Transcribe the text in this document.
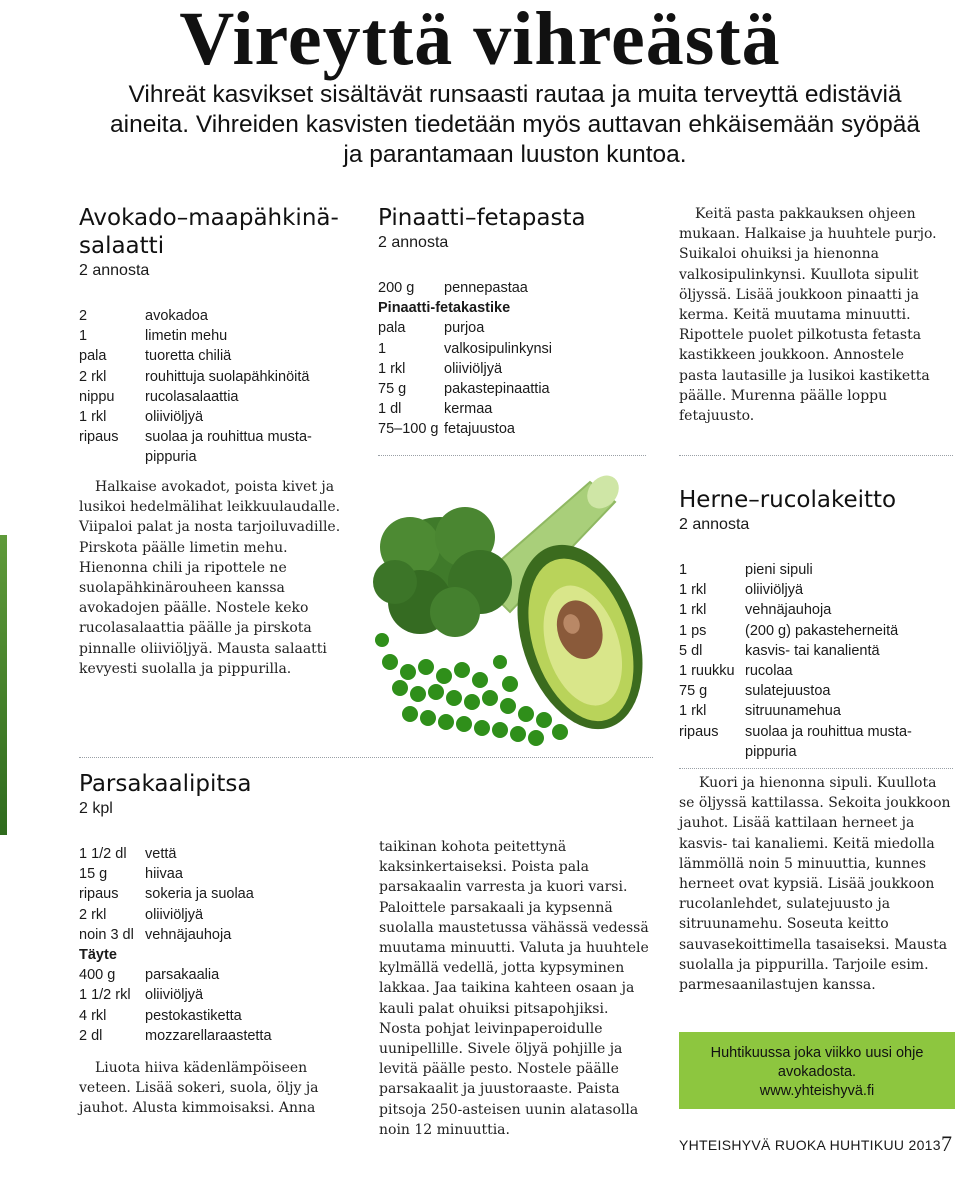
Vireyttä vihreästä
Vihreät kasvikset sisältävät runsaasti rautaa ja muita terveyttä edistäviä aineita. Vihreiden kasvisten tiedetään myös auttavan ehkäisemään syöpää ja parantamaan luuston kuntoa.
Avokado–maapähkinä-
salaatti
2 annosta
2	avokadoa
1	limetin mehu
pala	tuoretta chiliä
2 rkl	rouhittuja suolapähkinöitä
nippu	rucolasalaattia
1 rkl	oliiviöljyä
ripaus	suolaa ja rouhittua musta-
pippuria
Halkaise avokadot, poista kivet ja lusikoi hedelmälihat leikkuulaudalle. Viipaloi palat ja nosta tarjoiluvadille. Pirskota päälle limetin mehu. Hienonna chili ja ripottele ne suolapähkinärouheen kanssa avokadojen päälle. Nostele keko rucolasalaattia päälle ja pirskota pinnalle oliiviöljyä. Mausta salaatti kevyesti suolalla ja pippurilla.
Pinaatti–fetapasta
2 annosta
200 g	pennepastaa
Pinaatti-fetakastike
pala	purjoa
1	valkosipulinkynsi
1 rkl	oliiviöljyä
75 g	pakastepinaattia
1 dl	kermaa
75–100 g fetajuustoa
Keitä pasta pakkauksen ohjeen mukaan. Halkaise ja huuhtele purjo. Suikaloi ohuiksi ja hienonna valkosipulinkynsi. Kuullota sipulit öljyssä. Lisää joukkoon pinaatti ja kerma. Keitä muutama minuutti. Ripottele puolet pilkotusta fetasta kastikkeen joukkoon. Annostele pasta lautasille ja lusikoi kastiketta päälle. Murenna päälle loppu fetajuusto.
Herne–rucolakeitto
2 annosta
1	pieni sipuli
1 rkl	oliiviöljyä
1 rkl	vehnäjauhoja
1 ps	(200 g) pakasteherneitä
5 dl	kasvis- tai kanalientä
1 ruukku rucolaa
75 g	sulatejuustoa
1 rkl	sitruunamehua
ripaus	suolaa ja rouhittua musta-
pippuria
Kuori ja hienonna sipuli. Kuullota se öljyssä kattilassa. Sekoita joukkoon jauhot. Lisää kattilaan herneet ja kasvis- tai kanaliemi. Keitä miedolla lämmöllä noin 5 minuuttia, kunnes herneet ovat kypsiä. Lisää joukkoon rucolanlehdet, sulatejuusto ja sitruunamehu. Soseuta keitto sauvasekoittimella tasaiseksi. Mausta suolalla ja pippurilla. Tarjoile esim. parmesaanilastujen kanssa.
Parsakaalipitsa
2 kpl
1 1/2 dl	vettä
15 g	hiivaa
ripaus	sokeria ja suolaa
2 rkl	oliiviöljyä
noin 3 dl vehnäjauhoja
Täyte
400 g	parsakaalia
1 1/2 rkl oliiviöljyä
4 rkl	pestokastiketta
2 dl	mozzarellaraastetta
Liuota hiiva kädenlämpöiseen veteen. Lisää sokeri, suola, öljy ja jauhot. Alusta kimmoisaksi. Anna
taikinan kohota peitettynä kaksinkertaiseksi. Poista pala parsakaalin varresta ja kuori varsi. Paloittele parsakaali ja kypsennä suolalla maustetussa vähässä vedessä muutama minuutti. Valuta ja huuhtele kylmällä vedellä, jotta kypsyminen lakkaa. Jaa taikina kahteen osaan ja kauli palat ohuiksi pitsapohjiksi. Nosta pohjat leivinpaperoidulle uunipellille. Sivele öljyä pohjille ja levitä päälle pesto. Nostele päälle parsakaalit ja juustoraaste. Paista pitsoja 250-asteisen uunin alatasolla noin 12 minuuttia.
Huhtikuussa joka viikko uusi ohje
avokadosta.
www.yhteishyvä.fi
YHTEISHYVÄ RUOKA HUHTIKUU 2013 7
